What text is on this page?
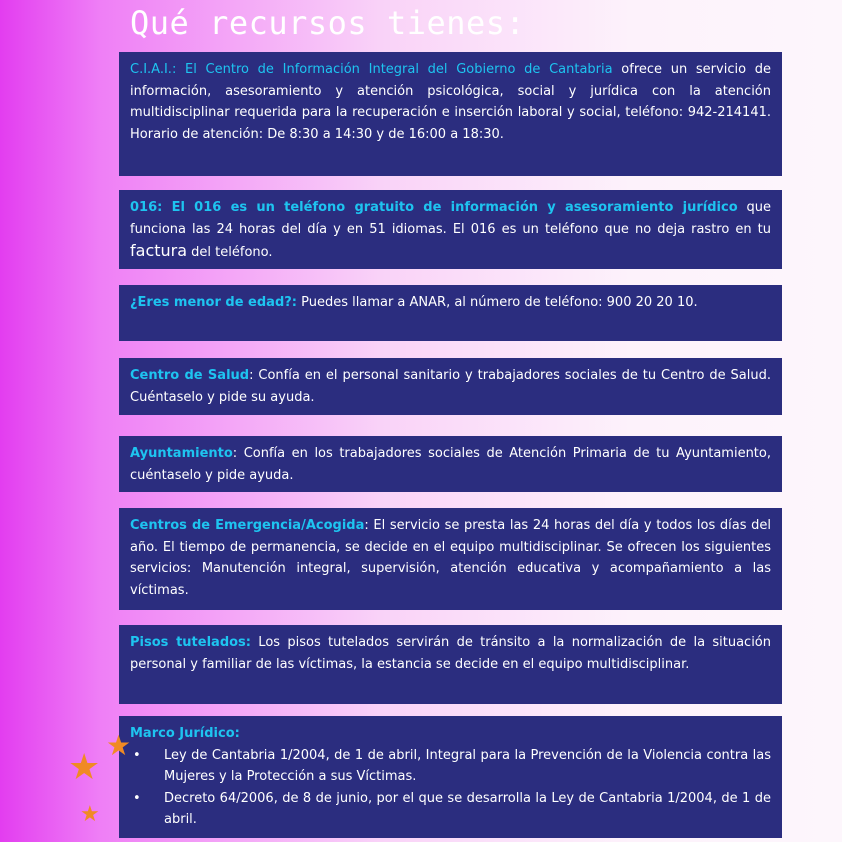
Qué recursos tienes:
C.I.A.I.: El Centro de Información Integral del Gobierno de Cantabria ofrece un servicio de información, asesoramiento y atención psicológica, social y jurídica con la atención multidisciplinar requerida para la recuperación e inserción laboral y social, teléfono: 942-214141. Horario de atención: De 8:30 a 14:30 y de 16:00 a 18:30.
016: El 016 es un teléfono gratuito de información y asesoramiento jurídico que funciona las 24 horas del día y en 51 idiomas. El 016 es un teléfono que no deja rastro en tu factura del teléfono.
¿Eres menor de edad?: Puedes llamar a ANAR, al número de teléfono: 900 20 20 10.
Centro de Salud: Confía en el personal sanitario y trabajadores sociales de tu Centro de Salud. Cuéntaselo y pide su ayuda.
Ayuntamiento: Confía en los trabajadores sociales de Atención Primaria de tu Ayuntamiento, cuéntaselo y pide ayuda.
Centros de Emergencia/Acogida: El servicio se presta las 24 horas del día y todos los días del año. El tiempo de permanencia, se decide en el equipo multidisciplinar. Se ofrecen los siguientes servicios: Manutención integral, supervisión, atención educativa y acompañamiento a las víctimas.
Pisos tutelados: Los pisos tutelados servirán de tránsito a la normalización de la situación personal y familiar de las víctimas, la estancia se decide en el equipo multidisciplinar.
Marco Jurídico:
• Ley de Cantabria 1/2004, de 1 de abril, Integral para la Prevención de la Violencia contra las Mujeres y la Protección a sus Víctimas.
• Decreto 64/2006, de 8 de junio, por el que se desarrolla la Ley de Cantabria 1/2004, de 1 de abril.
★
★
★
